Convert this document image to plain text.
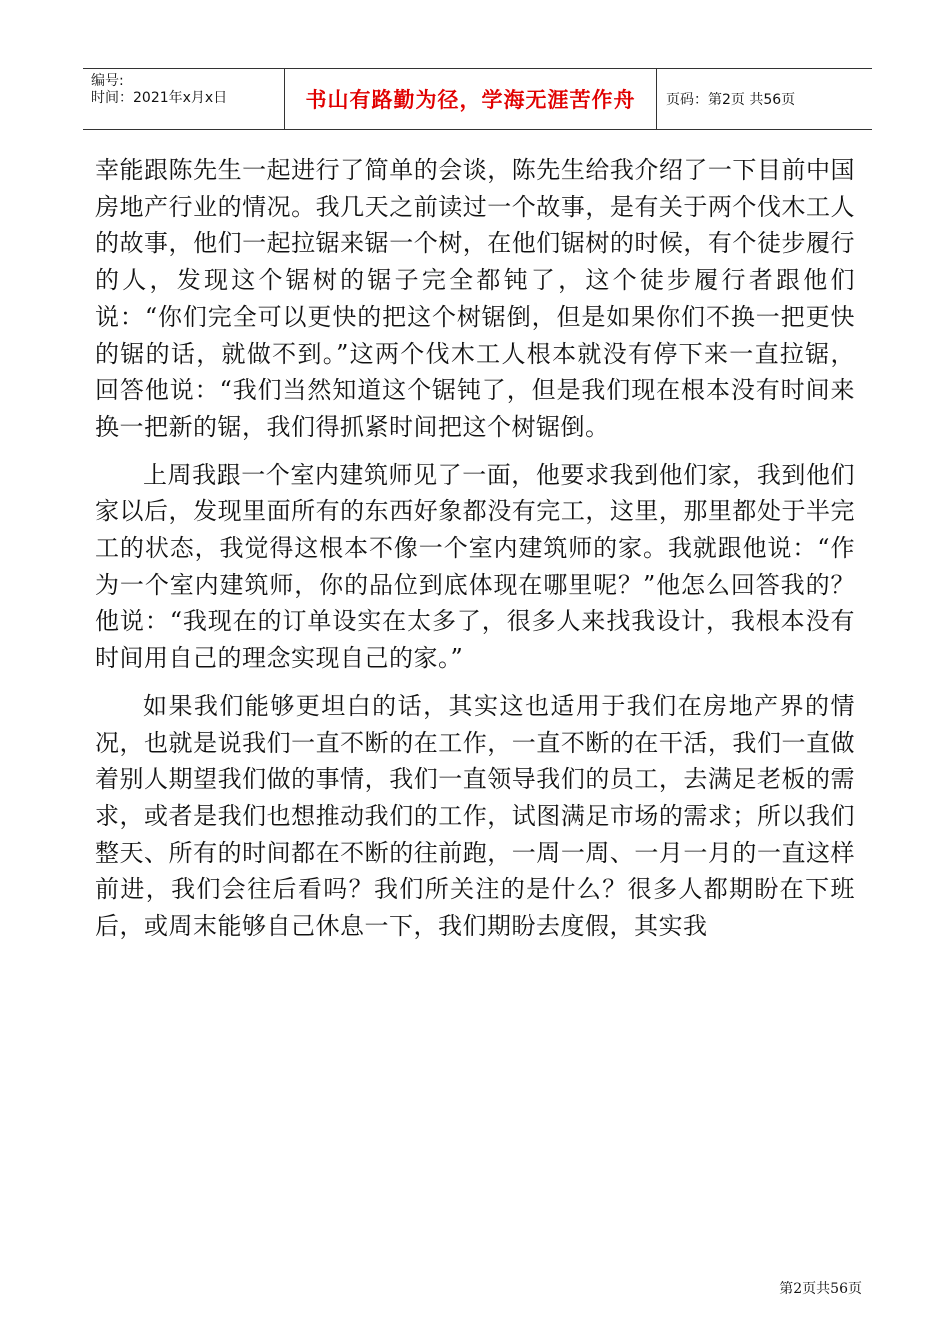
编号:
时间：2021年x月x日	书山有路勤为径，学海无涯苦作舟 页码：第2页 共56页

幸能跟陈先生一起进行了简单的会谈，陈先生给我介绍了一下目前中国房地产行业的情况。我几天之前读过一个故事，是有关于两个伐木工人的故事，他们一起拉锯来锯一个树，在他们锯树的时候，有个徒步履行的人，发现这个锯树的锯子完全都钝了，这个徒步履行者跟他们说：“你们完全可以更快的把这个树锯倒，但是如果你们不换一把更快的锯的话，就做不到。”这两个伐木工人根本就没有停下来一直拉锯，回答他说：“我们当然知道这个锯钝了，但是我们现在根本没有时间来换一把新的锯，我们得抓紧时间把这个树锯倒。

上周我跟一个室内建筑师见了一面，他要求我到他们家，我到他们家以后，发现里面所有的东西好象都没有完工，这里，那里都处于半完工的状态，我觉得这根本不像一个室内建筑师的家。我就跟他说：“作为一个室内建筑师，你的品位到底体现在哪里呢？”他怎么回答我的？他说：“我现在的订单设实在太多了，很多人来找我设计，我根本没有时间用自己的理念实现自己的家。”

如果我们能够更坦白的话，其实这也适用于我们在房地产界的情况，也就是说我们一直不断的在工作，一直不断的在干活，我们一直做着别人期望我们做的事情，我们一直领导我们的员工，去满足老板的需求，或者是我们也想推动我们的工作，试图满足市场的需求；所以我们整天、所有的时间都在不断的往前跑，一周一周、一月一月的一直这样前进，我们会往后看吗？我们所关注的是什么？很多人都期盼在下班后，或周末能够自己休息一下，我们期盼去度假，其实我

第2页共56页
